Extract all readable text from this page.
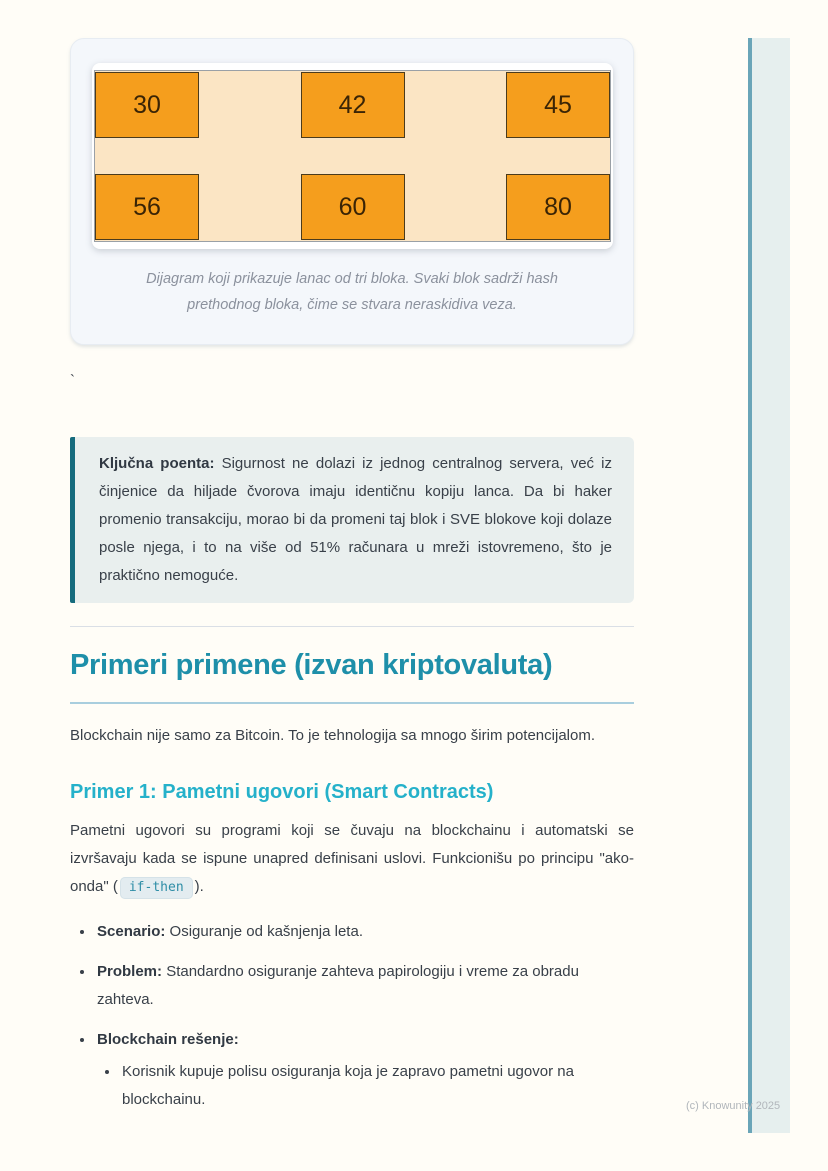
(c) Knowunity 2025
30	42	45
56	60	80

Dijagram koji prikazuje lanac od tri bloka. Svaki blok sadrži hash prethodnog bloka, čime se stvara neraskidiva veza.

`

Ključna poenta: Sigurnost ne dolazi iz jednog centralnog servera, već iz činjenice da hiljade čvorova imaju identičnu kopiju lanca. Da bi haker promenio transakciju, morao bi da promeni taj blok i SVE blokove koji dolaze posle njega, i to na više od 51% računara u mreži istovremeno, što je praktično nemoguće.
Primeri primene (izvan kriptovaluta)

Blockchain nije samo za Bitcoin. To je tehnologija sa mnogo širim potencijalom.

Primer 1: Pametni ugovori (Smart Contracts)

Pametni ugovori su programi koji se čuvaju na blockchainu i automatski se izvršavaju kada se ispune unapred definisani uslovi. Funkcionišu po principu "ako-onda" ( if-then ).

• Scenario: Osiguranje od kašnjenja leta.
• Problem: Standardno osiguranje zahteva papirologiju i vreme za obradu zahteva.
• Blockchain rešenje:
• Korisnik kupuje polisu osiguranja koja je zapravo pametni ugovor na blockchainu.
